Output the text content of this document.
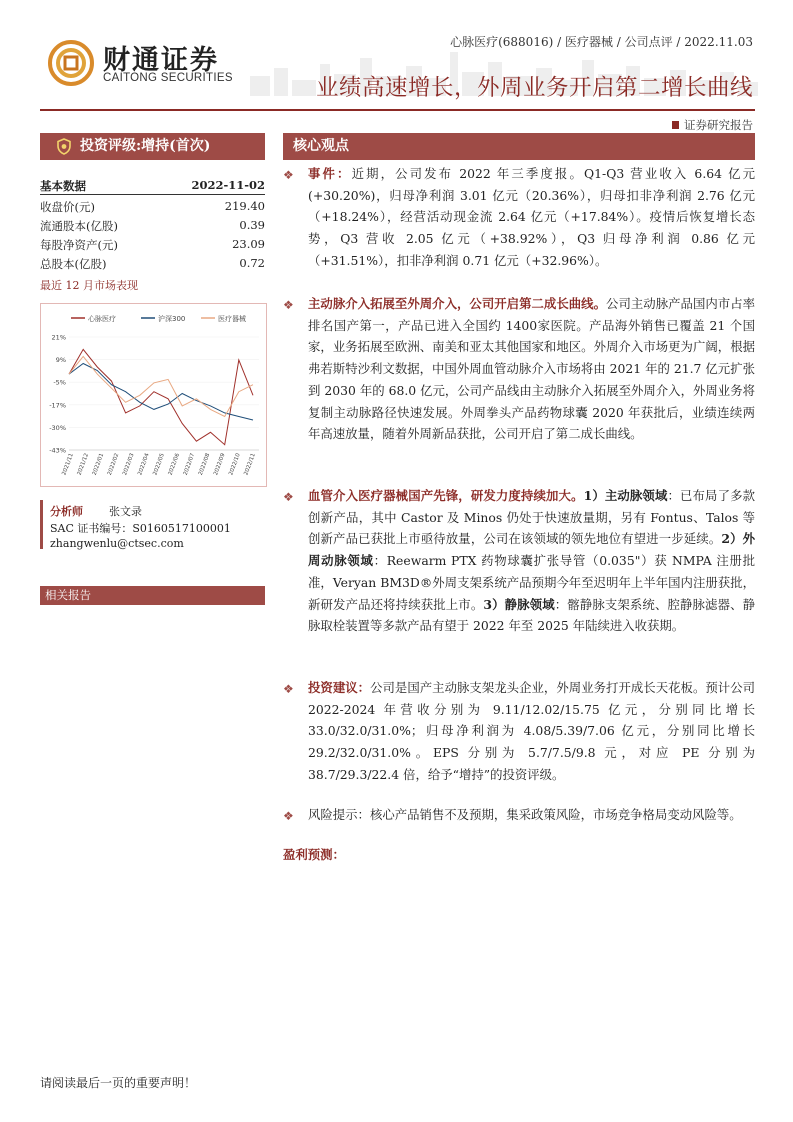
财通证券
CAITONG SECURITIES
心脉医疗(688016) / 医疗器械 / 公司点评 / 2022.11.03
业绩高速增长，外周业务开启第二增长曲线
证券研究报告
投资评级:增持(首次)
基本数据	2022-11-02
收盘价(元)	219.40
流通股本(亿股)	0.39
每股净资产(元)	23.09
总股本(亿股)	0.72
最近 12 月市场表现
心脉医疗	沪深300	医疗器械
21%
9%
-5%
-17%
-30%
-43%
2021/11 2021/12 2022/01 2022/02 2022/03 2022/04 2022/05 2022/06 2022/07 2022/08 2022/09 2022/10 2022/11
分析师 张文录
SAC 证书编号：S0160517100001
zhangwenlu@ctsec.com
相关报告
核心观点
❖ 事件：近期，公司发布 2022 年三季度报。Q1-Q3 营业收入 6.64 亿元(+30.20%)，归母净利润 3.01 亿元（20.36%），归母扣非净利润 2.76 亿元（+18.24%），经营活动现金流 2.64 亿元（+17.84%）。疫情后恢复增长态势，Q3 营收 2.05 亿元（+38.92%），Q3 归母净利润 0.86 亿元（+31.51%），扣非净利润 0.71 亿元（+32.96%）。
❖ 主动脉介入拓展至外周介入，公司开启第二成长曲线。公司主动脉产品国内市占率排名国产第一，产品已进入全国约 1400家医院。产品海外销售已覆盖 21 个国家，业务拓展至欧洲、南美和亚太其他国家和地区。外周介入市场更为广阔，根据弗若斯特沙利文数据，中国外周血管动脉介入市场将由 2021 年的 21.7 亿元扩张到 2030 年的 68.0 亿元，公司产品线由主动脉介入拓展至外周介入，外周业务将复制主动脉路径快速发展。外周拳头产品药物球囊 2020 年获批后，业绩连续两年高速放量，随着外周新品获批，公司开启了第二成长曲线。
❖ 血管介入医疗器械国产先锋，研发力度持续加大。1）主动脉领域：已布局了多款创新产品，其中 Castor 及 Minos 仍处于快速放量期，另有 Fontus、Talos 等创新产品已获批上市亟待放量，公司在该领域的领先地位有望进一步延续。2）外周动脉领域：Reewarm PTX 药物球囊扩张导管（0.035"）获 NMPA 注册批准，Veryan BM3D®外周支架系统产品预期今年至迟明年上半年国内注册获批，新研发产品还将持续获批上市。3）静脉领域：髂静脉支架系统、腔静脉滤器、静脉取栓装置等多款产品有望于 2022 年至 2025 年陆续进入收获期。
❖ 投资建议：公司是国产主动脉支架龙头企业，外周业务打开成长天花板。预计公司 2022-2024 年营收分别为 9.11/12.02/15.75 亿元，分别同比增长 33.0/32.0/31.0%；归母净利润为 4.08/5.39/7.06 亿元，分别同比增长 29.2/32.0/31.0%。EPS 分别为 5.7/7.5/9.8 元，对应 PE 分别为 38.7/29.3/22.4 倍，给予“增持”的投资评级。
❖ 风险提示：核心产品销售不及预期，集采政策风险，市场竞争格局变动风险等。
盈利预测：
请阅读最后一页的重要声明！
